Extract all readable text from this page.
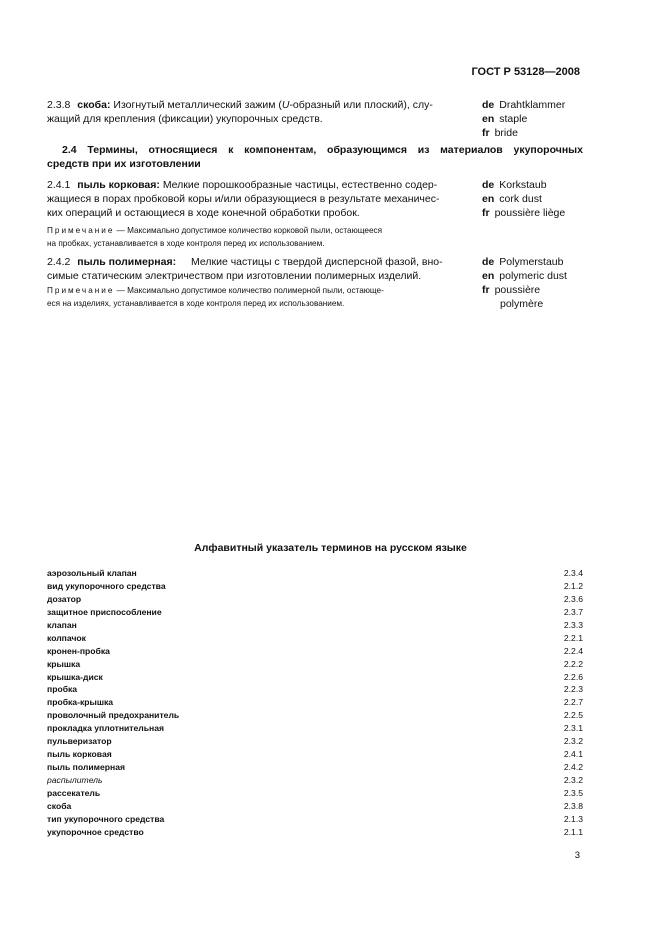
ГОСТ Р 53128—2008
2.3.8 скоба: Изогнутый металлический зажим (U-образный или плоский), слу-
жащий для крепления (фиксации) укупорочных средств.
de Drahtklammer
en staple
fr bride
2.4 Термины, относящиеся к компонентам, образующимся из материалов укупорочных
средств при их изготовлении
2.4.1 пыль корковая: Мелкие порошкообразные частицы, естественно содер-
жащиеся в порах пробковой коры и/или образующиеся в результате механичес-
ких операций и остающиеся в ходе конечной обработки пробок.
Примечание — Максимально допустимое количество корковой пыли, остающееся
на пробках, устанавливается в ходе контроля перед их использованием.
de Korkstaub
en cork dust
fr poussière liège
2.4.2 пыль полимерная: Мелкие частицы с твердой дисперсной фазой, вно-
симые статическим электричеством при изготовлении полимерных изделий.
Примечание — Максимально допустимое количество полимерной пыли, остающе-
еся на изделиях, устанавливается в ходе контроля перед их использованием.
de Polymerstaub
en polymeric dust
fr poussière
polymère
Алфавитный указатель терминов на русском языке
аэрозольный клапан	2.3.4
вид укупорочного средства	2.1.2
дозатор	2.3.6
защитное приспособление	2.3.7
клапан	2.3.3
колпачок	2.2.1
кронен-пробка	2.2.4
крышка	2.2.2
крышка-диск	2.2.6
пробка	2.2.3
пробка-крышка	2.2.7
проволочный предохранитель	2.2.5
прокладка уплотнительная	2.3.1
пульверизатор	2.3.2
пыль корковая	2.4.1
пыль полимерная	2.4.2
распылитель	2.3.2
рассекатель	2.3.5
скоба	2.3.8
тип укупорочного средства	2.1.3
укупорочное средство	2.1.1
3
